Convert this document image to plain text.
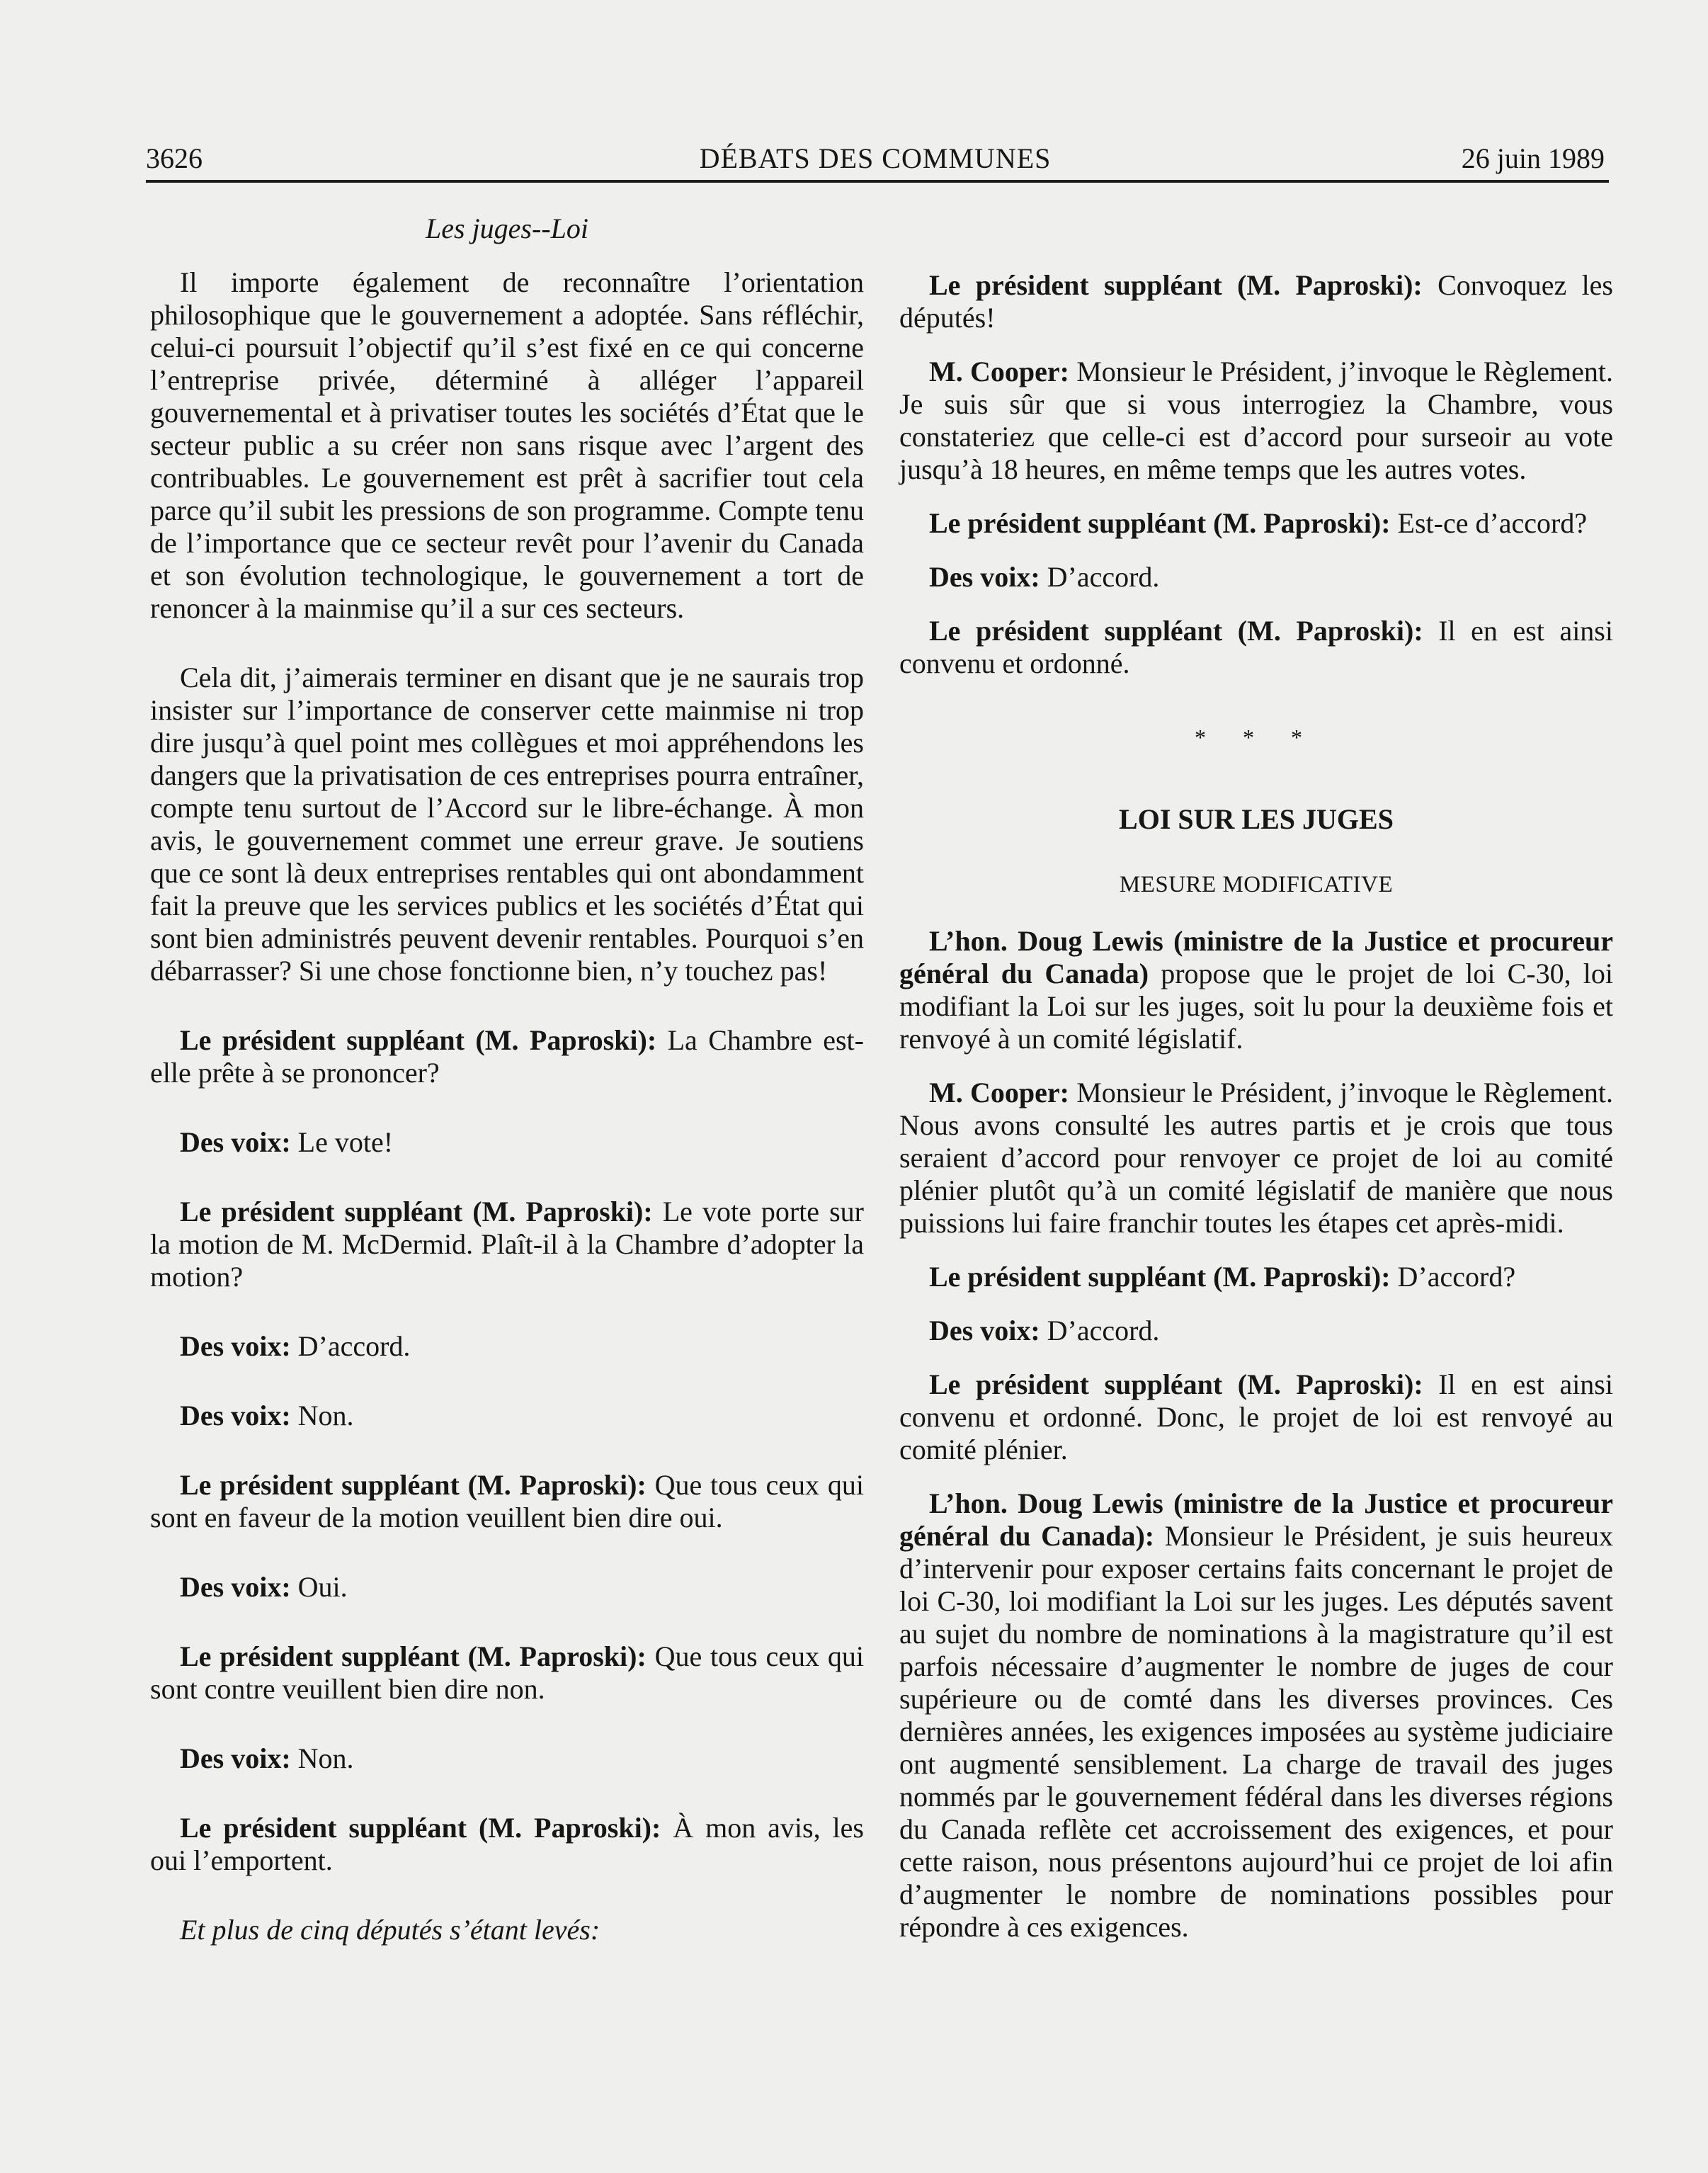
3626	DÉBATS DES COMMUNES	26 juin 1989
Les juges--Loi

Il importe également de reconnaître l’orientation philosophique que le gouvernement a adoptée. Sans réfléchir, celui-ci poursuit l’objectif qu’il s’est fixé en ce qui concerne l’entreprise privée, déterminé à alléger l’appareil gouvernemental et à privatiser toutes les sociétés d’État que le secteur public a su créer non sans risque avec l’argent des contribuables. Le gouvernement est prêt à sacrifier tout cela parce qu’il subit les pressions de son programme. Compte tenu de l’importance que ce secteur revêt pour l’avenir du Canada et son évolution technologique, le gouvernement a tort de renoncer à la mainmise qu’il a sur ces secteurs.

Cela dit, j’aimerais terminer en disant que je ne saurais trop insister sur l’importance de conserver cette mainmise ni trop dire jusqu’à quel point mes collègues et moi appréhendons les dangers que la privatisation de ces entreprises pourra entraîner, compte tenu surtout de l’Accord sur le libre-échange. À mon avis, le gouvernement commet une erreur grave. Je soutiens que ce sont là deux entreprises rentables qui ont abondamment fait la preuve que les services publics et les sociétés d’État qui sont bien administrés peuvent devenir rentables. Pourquoi s’en débarrasser? Si une chose fonctionne bien, n’y touchez pas!

Le président suppléant (M. Paproski): La Chambre est-elle prête à se prononcer?

Des voix: Le vote!

Le président suppléant (M. Paproski): Le vote porte sur la motion de M. McDermid. Plaît-il à la Chambre d’adopter la motion?

Des voix: D’accord.

Des voix: Non.

Le président suppléant (M. Paproski): Que tous ceux qui sont en faveur de la motion veuillent bien dire oui.

Des voix: Oui.

Le président suppléant (M. Paproski): Que tous ceux qui sont contre veuillent bien dire non.

Des voix: Non.

Le président suppléant (M. Paproski): À mon avis, les oui l’emportent.

Et plus de cinq députés s’étant levés:

Le président suppléant (M. Paproski): Convoquez les députés!

M. Cooper: Monsieur le Président, j’invoque le Règlement. Je suis sûr que si vous interrogiez la Chambre, vous constateriez que celle-ci est d’accord pour surseoir au vote jusqu’à 18 heures, en même temps que les autres votes.

Le président suppléant (M. Paproski): Est-ce d’accord?

Des voix: D’accord.

Le président suppléant (M. Paproski): Il en est ainsi convenu et ordonné.

* * *
LOI SUR LES JUGES
MESURE MODIFICATIVE

L’hon. Doug Lewis (ministre de la Justice et procureur général du Canada) propose que le projet de loi C-30, loi modifiant la Loi sur les juges, soit lu pour la deuxième fois et renvoyé à un comité législatif.

M. Cooper: Monsieur le Président, j’invoque le Règlement. Nous avons consulté les autres partis et je crois que tous seraient d’accord pour renvoyer ce projet de loi au comité plénier plutôt qu’à un comité législatif de manière que nous puissions lui faire franchir toutes les étapes cet après-midi.

Le président suppléant (M. Paproski): D’accord?

Des voix: D’accord.

Le président suppléant (M. Paproski): Il en est ainsi convenu et ordonné. Donc, le projet de loi est renvoyé au comité plénier.

L’hon. Doug Lewis (ministre de la Justice et procureur général du Canada): Monsieur le Président, je suis heureux d’intervenir pour exposer certains faits concernant le projet de loi C-30, loi modifiant la Loi sur les juges. Les députés savent au sujet du nombre de nominations à la magistrature qu’il est parfois nécessaire d’augmenter le nombre de juges de cour supérieure ou de comté dans les diverses provinces. Ces dernières années, les exigences imposées au système judiciaire ont augmenté sensiblement. La charge de travail des juges nommés par le gouvernement fédéral dans les diverses régions du Canada reflète cet accroissement des exigences, et pour cette raison, nous présentons aujourd’hui ce projet de loi afin d’augmenter le nombre de nominations possibles pour répondre à ces exigences.
